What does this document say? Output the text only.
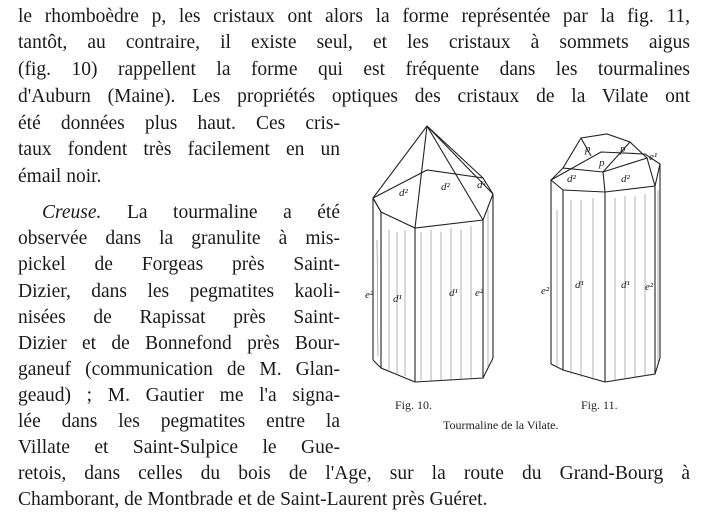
le rhomboèdre p, les cristaux ont alors la forme représentée par la fig. 11,
tantôt, au contraire, il existe seul, et les cristaux à sommets aigus
(fig. 10) rappellent la forme qui est fréquente dans les tourmalines
d'Auburn (Maine). Les propriétés optiques des cristaux de la Vilate ont
été données plus haut. Ces cris-
taux fondent très facilement en un
émail noir.
Creuse. La tourmaline a été
observée dans la granulite à mis-
pickel de Forgeas près Saint-
Dizier, dans les pegmatites kaoli-
nisées de Rapissat près Saint-
Dizier et de Bonnefond près Bour-
ganeuf (communication de M. Glan-
geaud) ; M. Gautier me l'a signa-
lée dans les pegmatites entre la
Villate et Saint-Sulpice le Gue-
retois, dans celles du bois de l'Age, sur la route du Grand-Bourg à
Chamborant, de Montbrade et de Saint-Laurent près Guéret.
d²	d² d²
e² d¹	d¹ e²
p	p
p	e¹
d²	d²
e² d¹	d¹ e²
Fig. 10.	Fig. 11.
Tourmaline de la Vilate.
